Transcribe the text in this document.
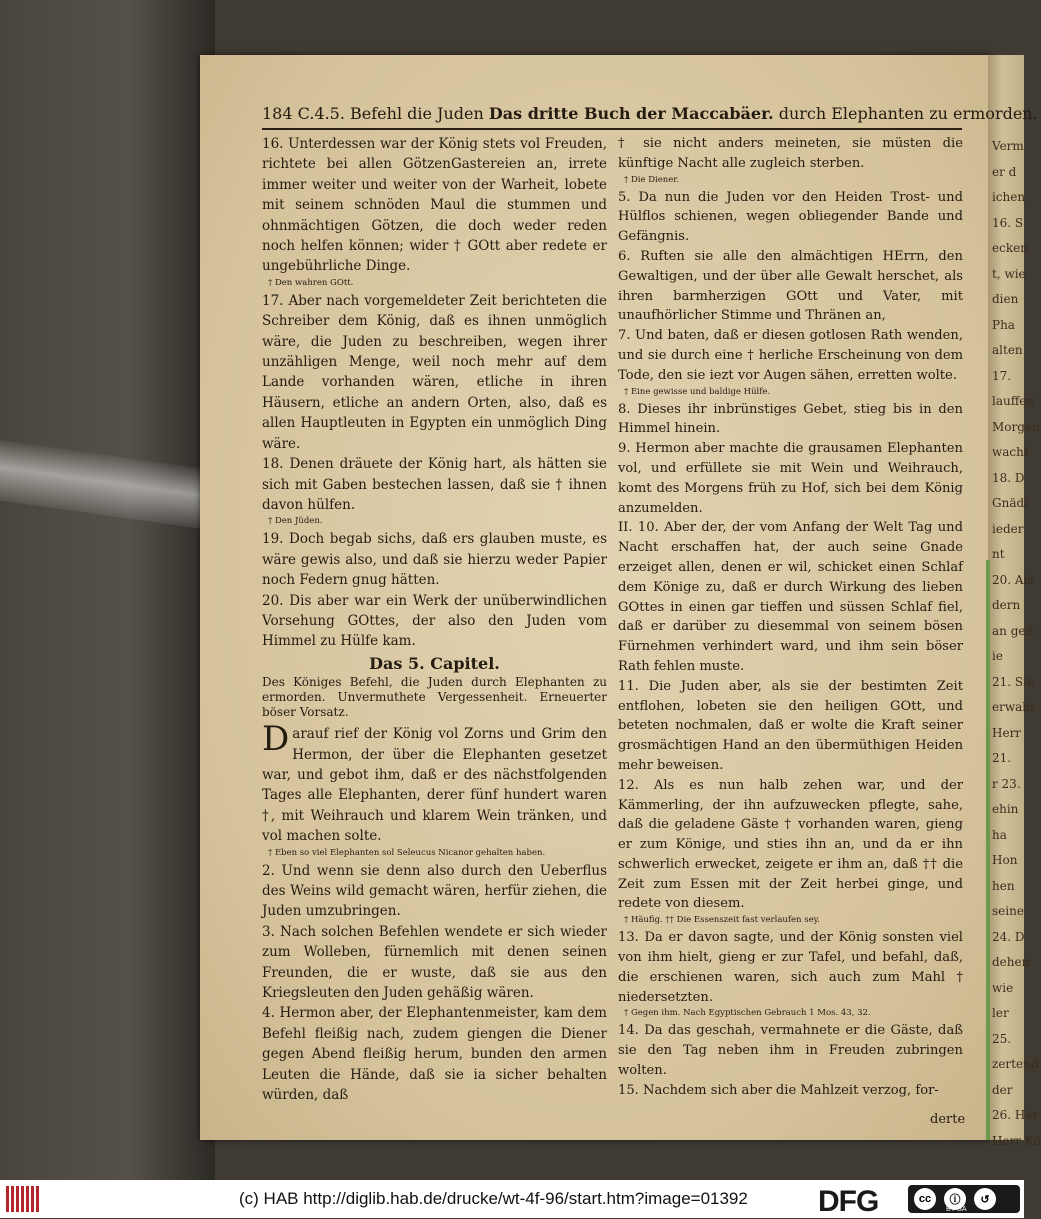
Verm
er d
ichen
16. S
ecken
t, wie
dien
Pha
alten
17.
lauffen
Morgen
wacht
18. D
Gnädi
ieder
nt
20. Als
dern
an geß
ie
21. Sie
erwahr
Herr
21.
r 23.
ehin
ha
Hon
hen
seine
24. D
dehen
wie
ler
25.
zertend
der
26. Her
Herr Kö
184 C.4.5. Befehl die Juden Das dritte Buch der Maccabäer. durch Elephanten zu ermorden.

16. Unterdessen war der König stets vol Freuden, richtete bei allen GötzenGastereien an, irrete immer weiter und weiter von der Warheit, lobete mit seinem schnöden Maul die stummen und ohnmächtigen Götzen, die doch weder reden noch helfen können; wider † GOtt aber redete er ungebührliche Dinge.

† Den wahren GOtt.

17. Aber nach vorgemeldeter Zeit berichteten die Schreiber dem König, daß es ihnen unmöglich wäre, die Juden zu beschreiben, wegen ihrer unzähligen Menge, weil noch mehr auf dem Lande vorhanden wären, etliche in ihren Häusern, etliche an andern Orten, also, daß es allen Hauptleuten in Egypten ein unmöglich Ding wäre.

18. Denen dräuete der König hart, als hätten sie sich mit Gaben bestechen lassen, daß sie † ihnen davon hülfen.

† Den Jüden.

19. Doch begab sichs, daß ers glauben muste, es wäre gewis also, und daß sie hierzu weder Papier noch Federn gnug hätten.

20. Dis aber war ein Werk der unüberwindlichen Vorsehung GOttes, der also den Juden vom Himmel zu Hülfe kam.

Das 5. Capitel.

Des Königes Befehl, die Juden durch Elephanten zu ermorden. Unvermuthete Vergessenheit. Erneuerter böser Vorsatz.

Darauf rief der König vol Zorns und Grim den Hermon, der über die Elephanten gesetzet war, und gebot ihm, daß er des nächstfolgenden Tages alle Elephanten, derer fünf hundert waren †, mit Weihrauch und klarem Wein tränken, und vol machen solte.

† Eben so viel Elephanten sol Seleucus Nicanor gehalten haben.

2. Und wenn sie denn also durch den Ueberflus des Weins wild gemacht wären, herfür ziehen, die Juden umzubringen.

3. Nach solchen Befehlen wendete er sich wieder zum Wolleben, fürnemlich mit denen seinen Freunden, die er wuste, daß sie aus den Kriegsleuten den Juden gehäßig wären.

4. Hermon aber, der Elephantenmeister, kam dem Befehl fleißig nach, zudem giengen die Diener gegen Abend fleißig herum, bunden den armen Leuten die Hände, daß sie ia sicher behalten würden, daß

† sie nicht anders meineten, sie müsten die künftige Nacht alle zugleich sterben.

† Die Diener.

5. Da nun die Juden vor den Heiden Trost- und Hülflos schienen, wegen obliegender Bande und Gefängnis.

6. Ruften sie alle den almächtigen HErrn, den Gewaltigen, und der über alle Gewalt herschet, als ihren barmherzigen GOtt und Vater, mit unaufhörlicher Stimme und Thränen an,

7. Und baten, daß er diesen gotlosen Rath wenden, und sie durch eine † herliche Erscheinung von dem Tode, den sie iezt vor Augen sähen, erretten wolte.

† Eine gewisse und baldige Hülfe.

8. Dieses ihr inbrünstiges Gebet, stieg bis in den Himmel hinein.

9. Hermon aber machte die grausamen Elephanten vol, und erfüllete sie mit Wein und Weihrauch, komt des Morgens früh zu Hof, sich bei dem König anzumelden.

II. 10. Aber der, der vom Anfang der Welt Tag und Nacht erschaffen hat, der auch seine Gnade erzeiget allen, denen er wil, schicket einen Schlaf dem Könige zu, daß er durch Wirkung des lieben GOttes in einen gar tieffen und süssen Schlaf fiel, daß er darüber zu diesemmal von seinem bösen Fürnehmen verhindert ward, und ihm sein böser Rath fehlen muste.

11. Die Juden aber, als sie der bestimten Zeit entflohen, lobeten sie den heiligen GOtt, und beteten nochmalen, daß er wolte die Kraft seiner grosmächtigen Hand an den übermüthigen Heiden mehr beweisen.

12. Als es nun halb zehen war, und der Kämmerling, der ihn aufzuwecken pflegte, sahe, daß die geladene Gäste † vorhanden waren, gieng er zum Könige, und sties ihn an, und da er ihn schwerlich erwecket, zeigete er ihm an, daß †† die Zeit zum Essen mit der Zeit herbei ginge, und redete von diesem.

† Häufig. †† Die Essenszeit fast verlaufen sey.

13. Da er davon sagte, und der König sonsten viel von ihm hielt, gieng er zur Tafel, und befahl, daß, die erschienen waren, sich auch zum Mahl † niedersetzten.

† Gegen ihm. Nach Egyptischen Gebrauch 1 Mos. 43, 32.

14. Da das geschah, vermahnete er die Gäste, daß sie den Tag neben ihm in Freuden zubringen wolten.

15. Nachdem sich aber die Mahlzeit verzog, for-

derte
(c) HAB http://diglib.hab.de/drucke/wt-4f-96/start.htm?image=01392 DFG	cc	ⓘ	↺
BY SA
